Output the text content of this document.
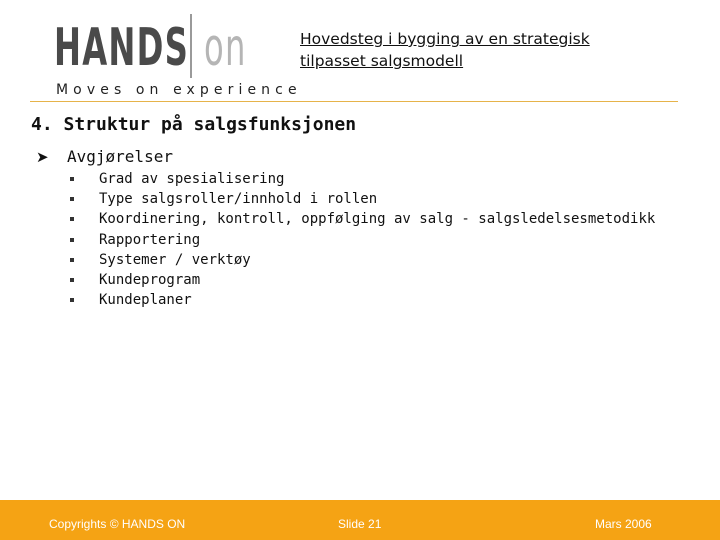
HANDS on
Moves on experience
Hovedsteg i bygging av en strategisk tilpasset salgsmodell
4. Struktur på salgsfunksjonen
➤ Avgjørelser
Grad av spesialisering
Type salgsroller/innhold i rollen
Koordinering, kontroll, oppfølging av salg - salgsledelsesmetodikk
Rapportering
Systemer / verktøy
Kundeprogram
Kundeplaner
Copyrights © HANDS ON	Slide 21	Mars 2006
